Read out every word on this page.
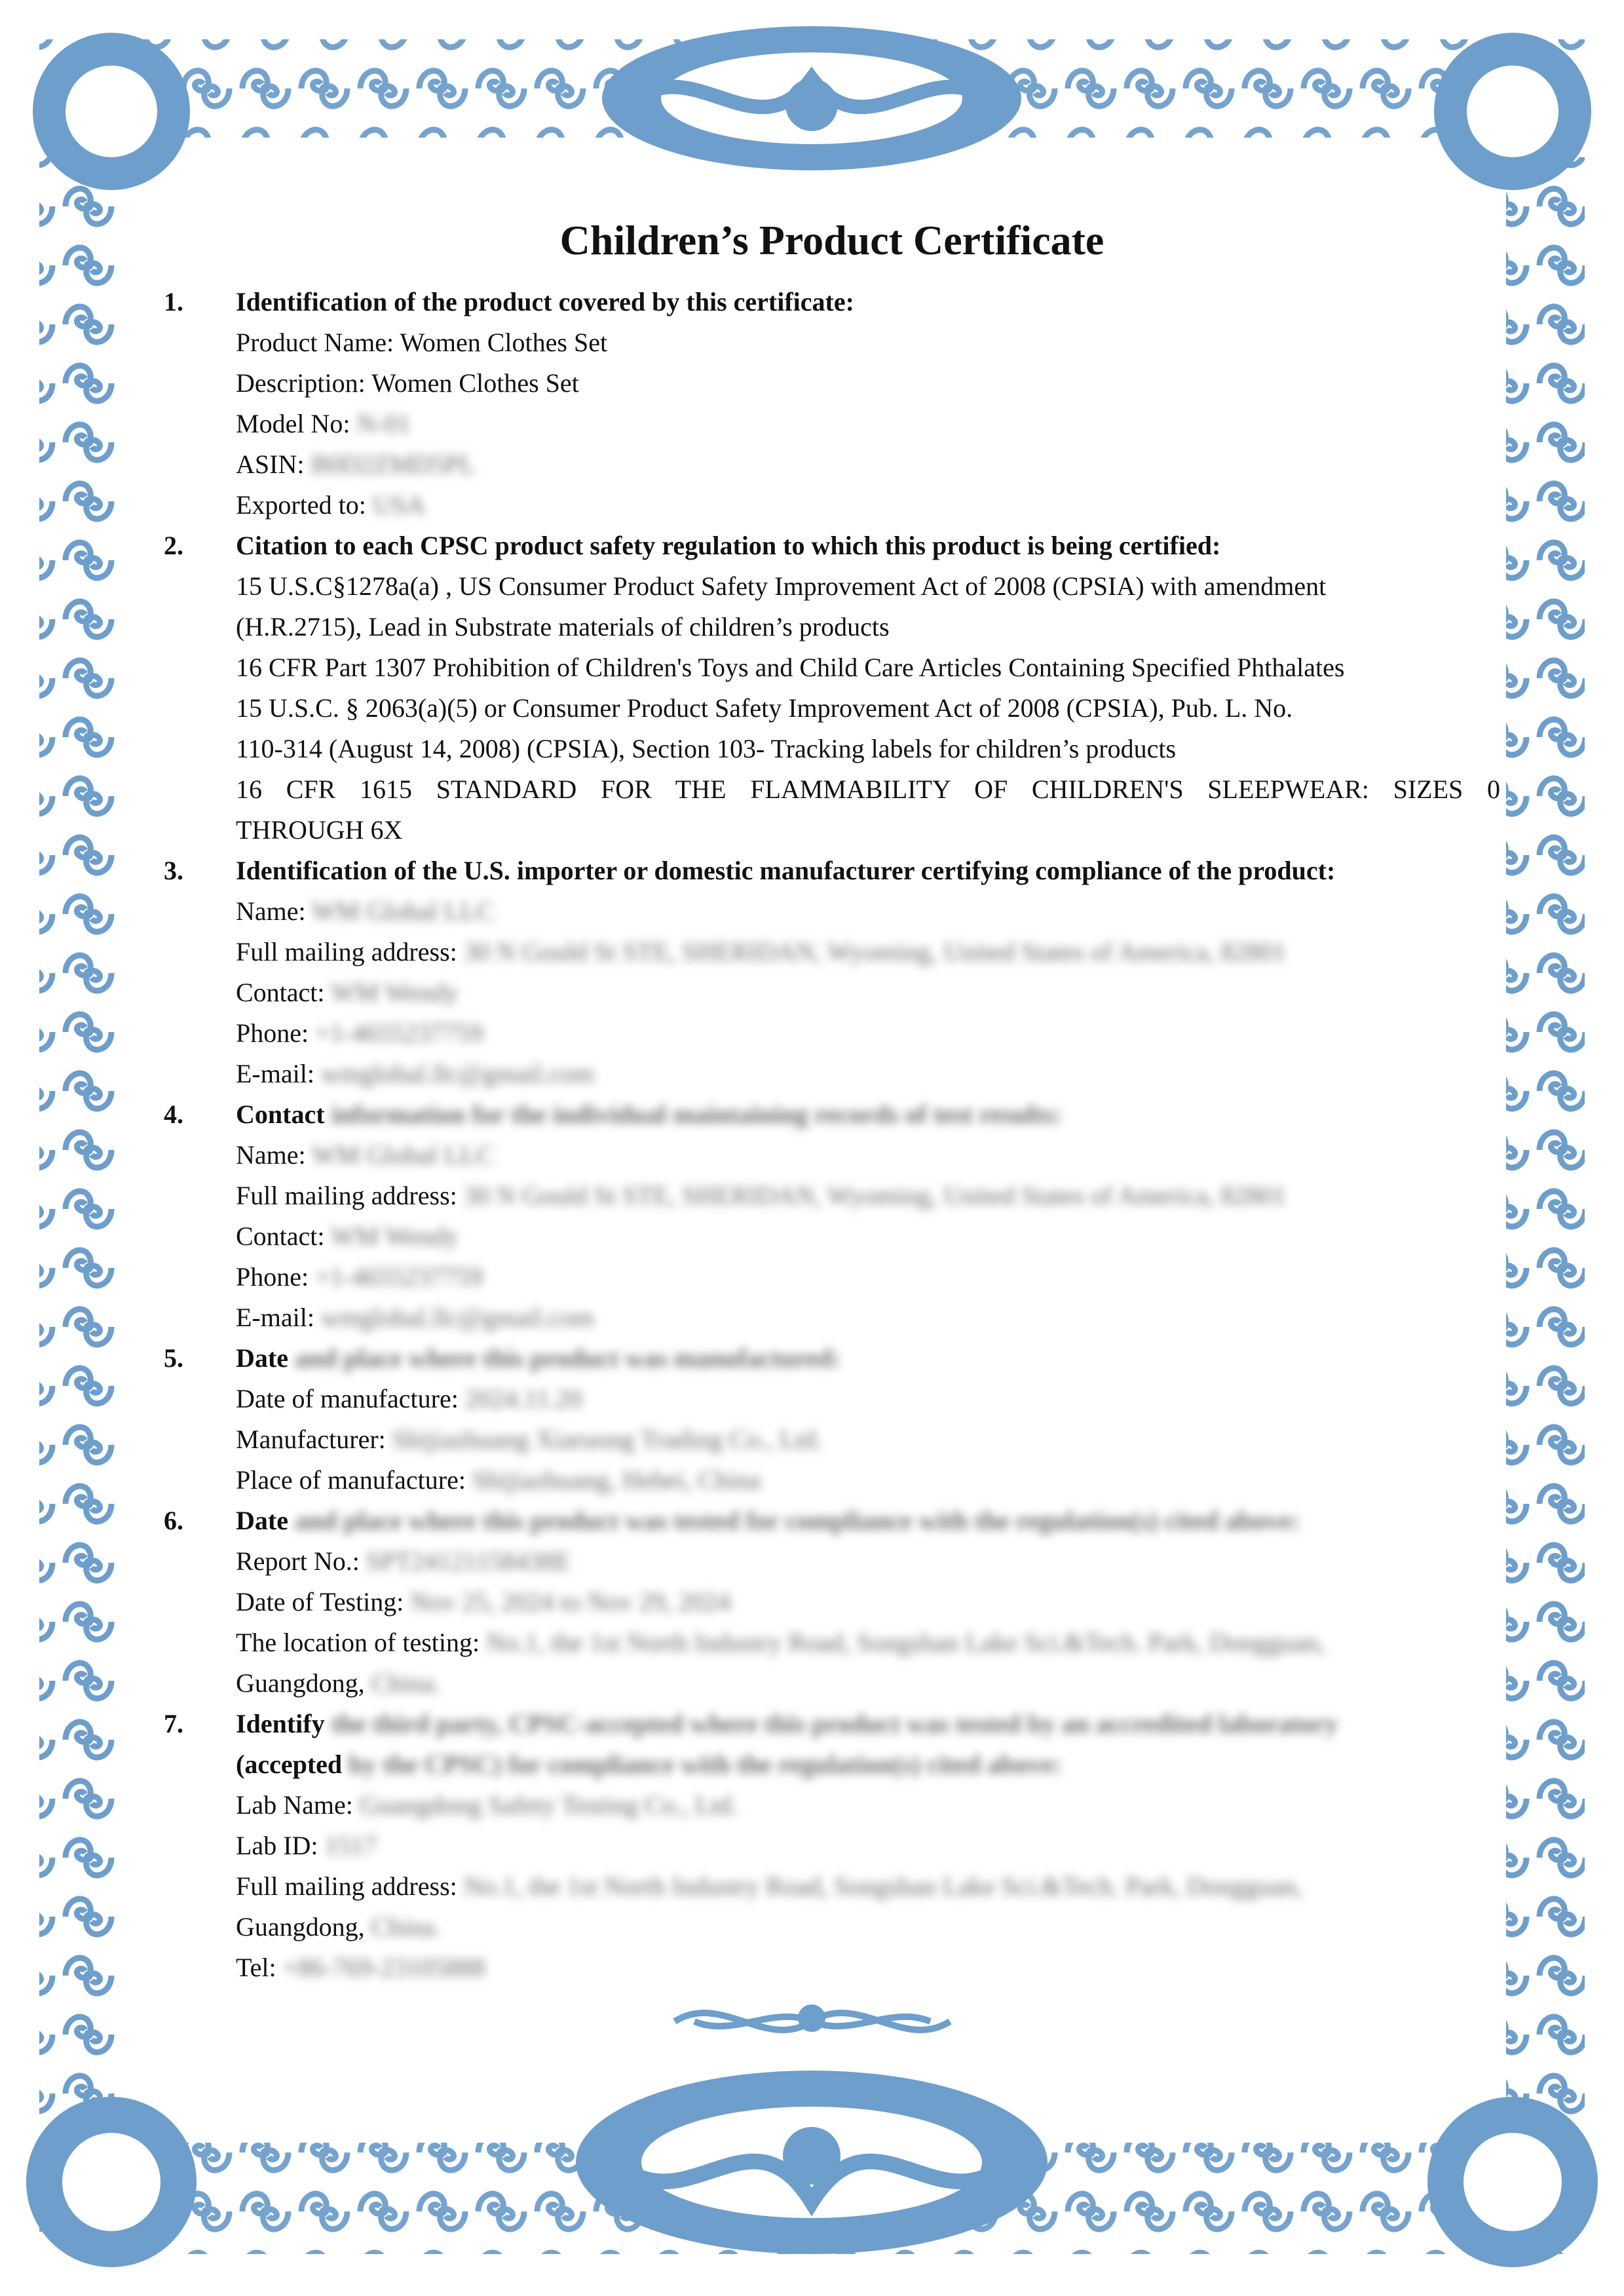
Children’s Product Certificate
1. Identification of the product covered by this certificate:
Product Name: Women Clothes Set
Description: Women Clothes Set
Model No: N-01
ASIN: B0D2ZMD5PL
Exported to: USA
2. Citation to each CPSC product safety regulation to which this product is being certified:
15 U.S.C§1278a(a) , US Consumer Product Safety Improvement Act of 2008 (CPSIA) with amendment
(H.R.2715), Lead in Substrate materials of children’s products
16 CFR Part 1307 Prohibition of Children's Toys and Child Care Articles Containing Specified Phthalates
15 U.S.C. § 2063(a)(5) or Consumer Product Safety Improvement Act of 2008 (CPSIA), Pub. L. No.
110-314 (August 14, 2008) (CPSIA), Section 103- Tracking labels for children’s products
16 CFR 1615 STANDARD FOR THE FLAMMABILITY OF CHILDREN'S SLEEPWEAR: SIZES 0
THROUGH 6X
3. Identification of the U.S. importer or domestic manufacturer certifying compliance of the product:
Name: WM Global LLC
Full mailing address: 30 N Gould St STE, SHERIDAN, Wyoming, United States of America, 82801
Contact: WM Wendy
Phone: +1-4655237759
E-mail: wmglobal.llc@gmail.com
4. Contact information for the individual maintaining records of test results:
Name: WM Global LLC
Full mailing address: 30 N Gould St STE, SHERIDAN, Wyoming, United States of America, 82801
Contact: WM Wendy
Phone: +1-4655237759
E-mail: wmglobal.llc@gmail.com
5. Date and place where this product was manufactured:
Date of manufacture: 2024.11.20
Manufacturer: Shijiazhuang Xiaruong Trading Co., Ltd.
Place of manufacture: Shijiazhuang, Hebei, China
6. Date and place where this product was tested for compliance with the regulation(s) cited above:
Report No.: SPT24121158438E
Date of Testing: Nov 25, 2024 to Nov 29, 2024
The location of testing: No.1, the 1st North Industry Road, Songshan Lake Sci.&Tech. Park, Dongguan,
Guangdong, China.
7. Identify the third party, CPSC-accepted where this product was tested by an accredited laboratory
(accepted by the CPSC) for compliance with the regulation(s) cited above:
Lab Name: Guangdong Safety Testing Co., Ltd.
Lab ID: 1517
Full mailing address: No.1, the 1st North Industry Road, Songshan Lake Sci.&Tech. Park, Dongguan,
Guangdong, China.
Tel: +86-769-23105888
